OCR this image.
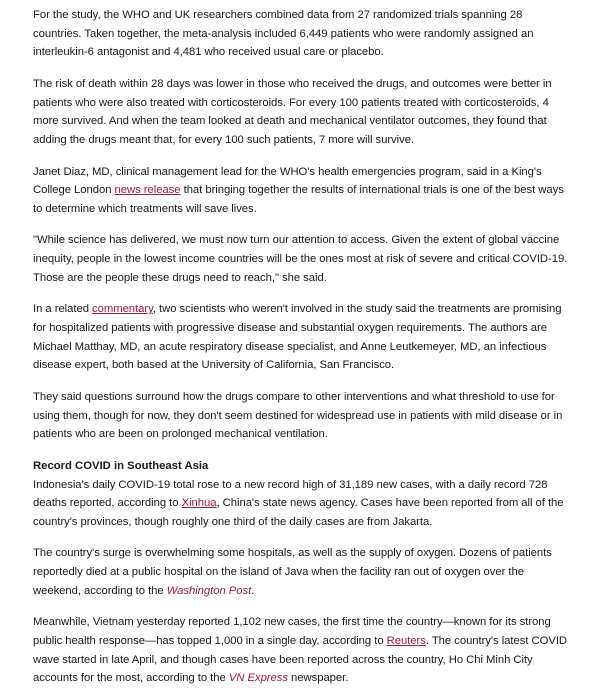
For the study, the WHO and UK researchers combined data from 27 randomized trials spanning 28 countries. Taken together, the meta-analysis included 6,449 patients who were randomly assigned an interleukin-6 antagonist and 4,481 who received usual care or placebo.

The risk of death within 28 days was lower in those who received the drugs, and outcomes were better in patients who were also treated with corticosteroids. For every 100 patients treated with corticosteroids, 4 more survived. And when the team looked at death and mechanical ventilator outcomes, they found that adding the drugs meant that, for every 100 such patients, 7 more will survive.

Janet Diaz, MD, clinical management lead for the WHO's health emergencies program, said in a King's College London news release that bringing together the results of international trials is one of the best ways to determine which treatments will save lives.

"While science has delivered, we must now turn our attention to access. Given the extent of global vaccine inequity, people in the lowest income countries will be the ones most at risk of severe and critical COVID-19. Those are the people these drugs need to reach," she said.

In a related commentary, two scientists who weren't involved in the study said the treatments are promising for hospitalized patients with progressive disease and substantial oxygen requirements. The authors are Michael Matthay, MD, an acute respiratory disease specialist, and Anne Leutkemeyer, MD, an infectious disease expert, both based at the University of California, San Francisco.

They said questions surround how the drugs compare to other interventions and what threshold to use for using them, though for now, they don't seem destined for widespread use in patients with mild disease or in patients who are been on prolonged mechanical ventilation.

Record COVID in Southeast Asia

Indonesia's daily COVID-19 total rose to a new record high of 31,189 new cases, with a daily record 728 deaths reported, according to Xinhua, China's state news agency. Cases have been reported from all of the country's provinces, though roughly one third of the daily cases are from Jakarta.

The country's surge is overwhelming some hospitals, as well as the supply of oxygen. Dozens of patients reportedly died at a public hospital on the island of Java when the facility ran out of oxygen over the weekend, according to the Washington Post.

Meanwhile, Vietnam yesterday reported 1,102 new cases, the first time the country—known for its strong public health response—has topped 1,000 in a single day, according to Reuters. The country's latest COVID wave started in late April, and though cases have been reported across the country, Ho Chi Minh City accounts for the most, according to the VN Express newspaper.
